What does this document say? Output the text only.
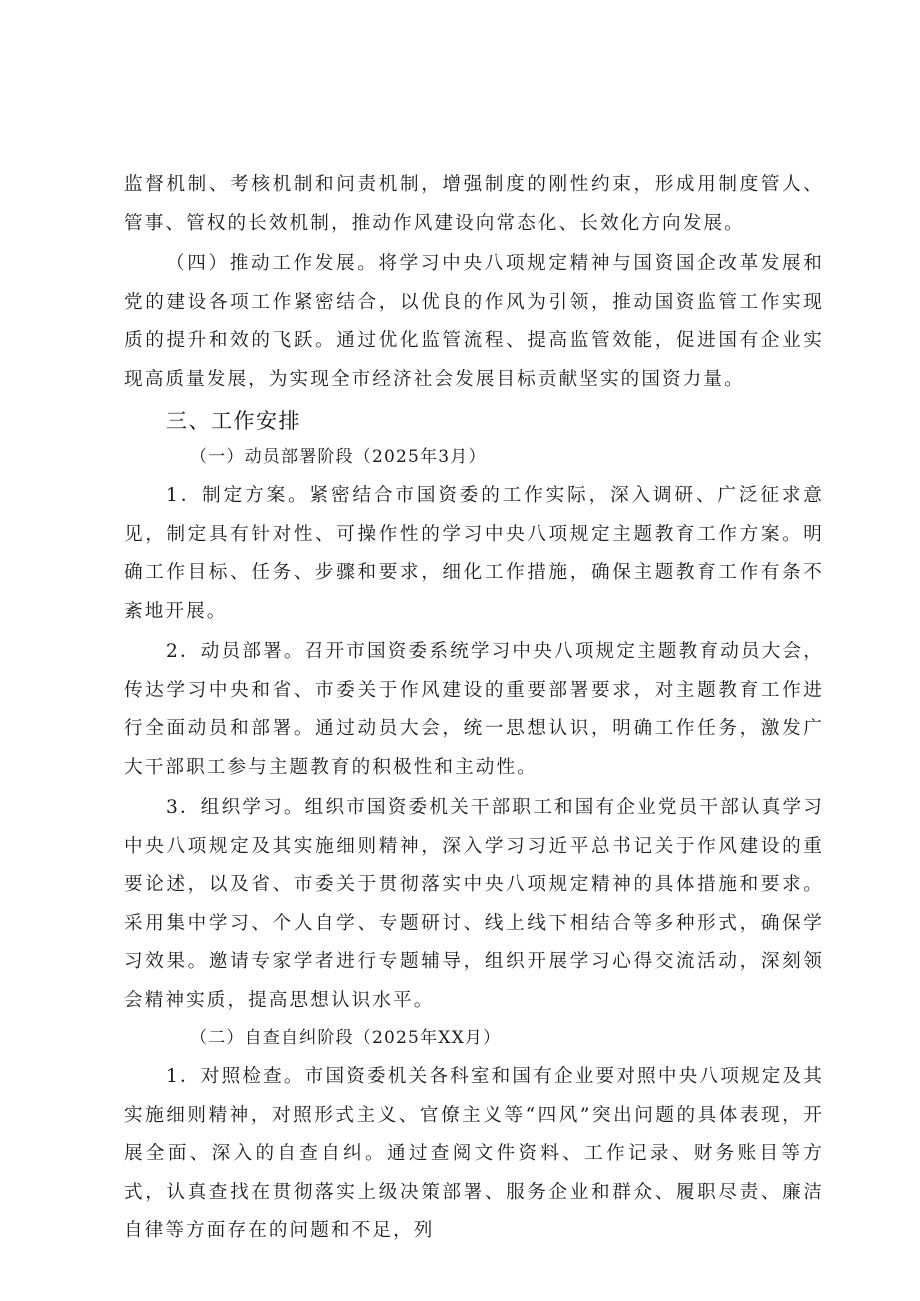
监督机制、考核机制和问责机制，增强制度的刚性约束，形成用制度管人、管事、管权的长效机制，推动作风建设向常态化、长效化方向发展。

（四）推动工作发展。将学习中央八项规定精神与国资国企改革发展和党的建设各项工作紧密结合，以优良的作风为引领，推动国资监管工作实现质的提升和效的飞跃。通过优化监管流程、提高监管效能，促进国有企业实现高质量发展，为实现全市经济社会发展目标贡献坚实的国资力量。

三、工作安排

（一）动员部署阶段（2025年3月）

1．制定方案。紧密结合市国资委的工作实际，深入调研、广泛征求意见，制定具有针对性、可操作性的学习中央八项规定主题教育工作方案。明确工作目标、任务、步骤和要求，细化工作措施，确保主题教育工作有条不紊地开展。

2．动员部署。召开市国资委系统学习中央八项规定主题教育动员大会，传达学习中央和省、市委关于作风建设的重要部署要求，对主题教育工作进行全面动员和部署。通过动员大会，统一思想认识，明确工作任务，激发广大干部职工参与主题教育的积极性和主动性。

3．组织学习。组织市国资委机关干部职工和国有企业党员干部认真学习中央八项规定及其实施细则精神，深入学习习近平总书记关于作风建设的重要论述，以及省、市委关于贯彻落实中央八项规定精神的具体措施和要求。采用集中学习、个人自学、专题研讨、线上线下相结合等多种形式，确保学习效果。邀请专家学者进行专题辅导，组织开展学习心得交流活动，深刻领会精神实质，提高思想认识水平。

（二）自查自纠阶段（2025年XX月）

1．对照检查。市国资委机关各科室和国有企业要对照中央八项规定及其实施细则精神，对照形式主义、官僚主义等“四风”突出问题的具体表现，开展全面、深入的自查自纠。通过查阅文件资料、工作记录、财务账目等方式，认真查找在贯彻落实上级决策部署、服务企业和群众、履职尽责、廉洁自律等方面存在的问题和不足，列
